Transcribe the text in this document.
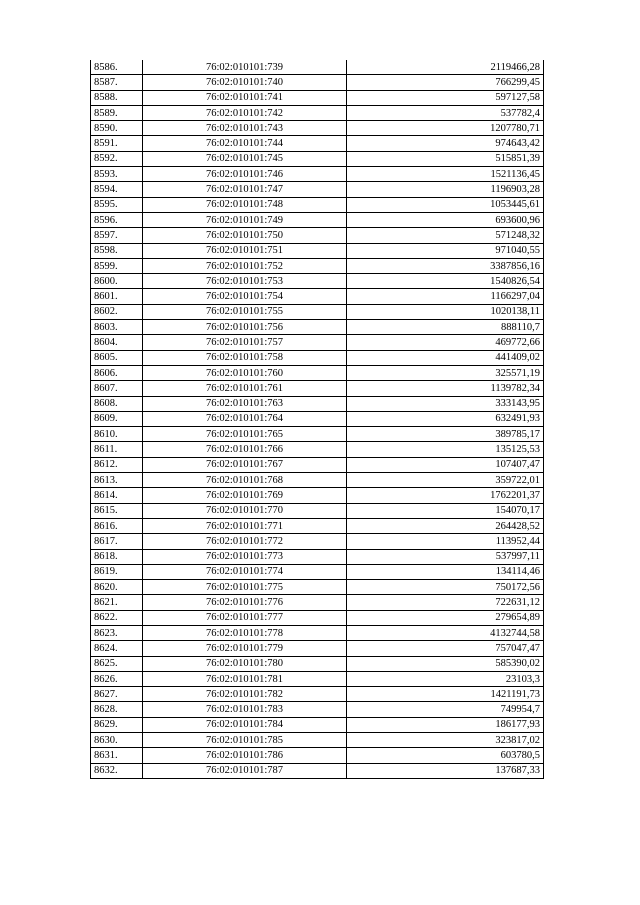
8586.	76:02:010101:739	2119466,28
8587.	76:02:010101:740	766299,45
8588.	76:02:010101:741	597127,58
8589.	76:02:010101:742	537782,4
8590.	76:02:010101:743	1207780,71
8591.	76:02:010101:744	974643,42
8592.	76:02:010101:745	515851,39
8593.	76:02:010101:746	1521136,45
8594.	76:02:010101:747	1196903,28
8595.	76:02:010101:748	1053445,61
8596.	76:02:010101:749	693600,96
8597.	76:02:010101:750	571248,32
8598.	76:02:010101:751	971040,55
8599.	76:02:010101:752	3387856,16
8600.	76:02:010101:753	1540826,54
8601.	76:02:010101:754	1166297,04
8602.	76:02:010101:755	1020138,11
8603.	76:02:010101:756	888110,7
8604.	76:02:010101:757	469772,66
8605.	76:02:010101:758	441409,02
8606.	76:02:010101:760	325571,19
8607.	76:02:010101:761	1139782,34
8608.	76:02:010101:763	333143,95
8609.	76:02:010101:764	632491,93
8610.	76:02:010101:765	389785,17
8611.	76:02:010101:766	135125,53
8612.	76:02:010101:767	107407,47
8613.	76:02:010101:768	359722,01
8614.	76:02:010101:769	1762201,37
8615.	76:02:010101:770	154070,17
8616.	76:02:010101:771	264428,52
8617.	76:02:010101:772	113952,44
8618.	76:02:010101:773	537997,11
8619.	76:02:010101:774	134114,46
8620.	76:02:010101:775	750172,56
8621.	76:02:010101:776	722631,12
8622.	76:02:010101:777	279654,89
8623.	76:02:010101:778	4132744,58
8624.	76:02:010101:779	757047,47
8625.	76:02:010101:780	585390,02
8626.	76:02:010101:781	23103,3
8627.	76:02:010101:782	1421191,73
8628.	76:02:010101:783	749954,7
8629.	76:02:010101:784	186177,93
8630.	76:02:010101:785	323817,02
8631.	76:02:010101:786	603780,5
8632.	76:02:010101:787	137687,33
